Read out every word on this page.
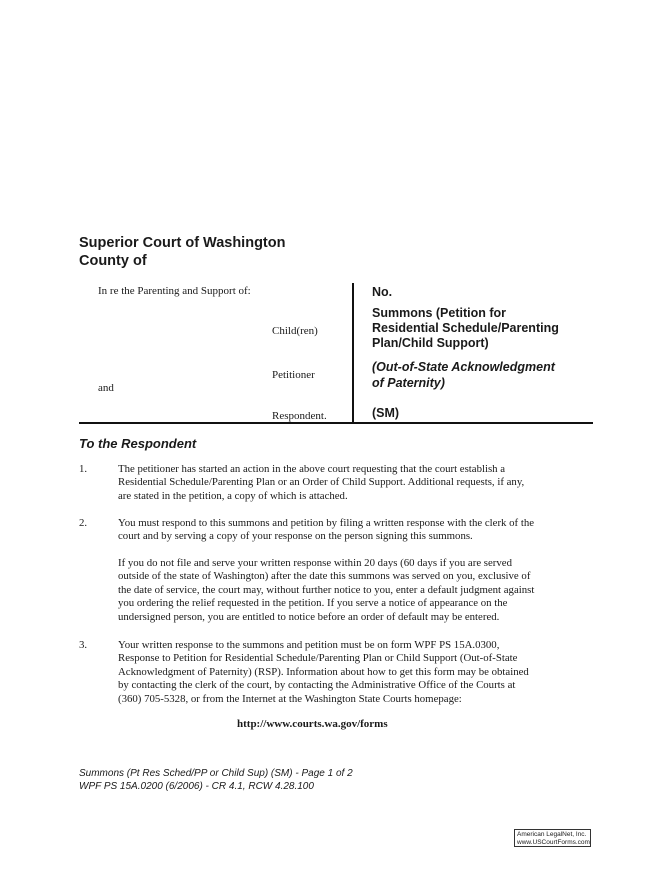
Superior Court of Washington
County of
In re the Parenting and Support of:
Child(ren)
Petitioner
and
Respondent.
No.
Summons (Petition for
Residential Schedule/Parenting
Plan/Child Support)
(Out-of-State Acknowledgment
of Paternity)
(SM)
To the Respondent
1.	The petitioner has started an action in the above court requesting that the court establish a
Residential Schedule/Parenting Plan or an Order of Child Support. Additional requests, if any,
are stated in the petition, a copy of which is attached.
2.	You must respond to this summons and petition by filing a written response with the clerk of the
court and by serving a copy of your response on the person signing this summons.
If you do not file and serve your written response within 20 days (60 days if you are served
outside of the state of Washington) after the date this summons was served on you, exclusive of
the date of service, the court may, without further notice to you, enter a default judgment against
you ordering the relief requested in the petition. If you serve a notice of appearance on the
undersigned person, you are entitled to notice before an order of default may be entered.
3.	Your written response to the summons and petition must be on form WPF PS 15A.0300,
Response to Petition for Residential Schedule/Parenting Plan or Child Support (Out-of-State
Acknowledgment of Paternity) (RSP). Information about how to get this form may be obtained
by contacting the clerk of the court, by contacting the Administrative Office of the Courts at
(360) 705-5328, or from the Internet at the Washington State Courts homepage:
http://www.courts.wa.gov/forms
Summons (Pt Res Sched/PP or Child Sup) (SM) - Page 1 of 2
WPF PS 15A.0200 (6/2006) - CR 4.1, RCW 4.28.100
American LegalNet, Inc.
www.USCourtForms.com
